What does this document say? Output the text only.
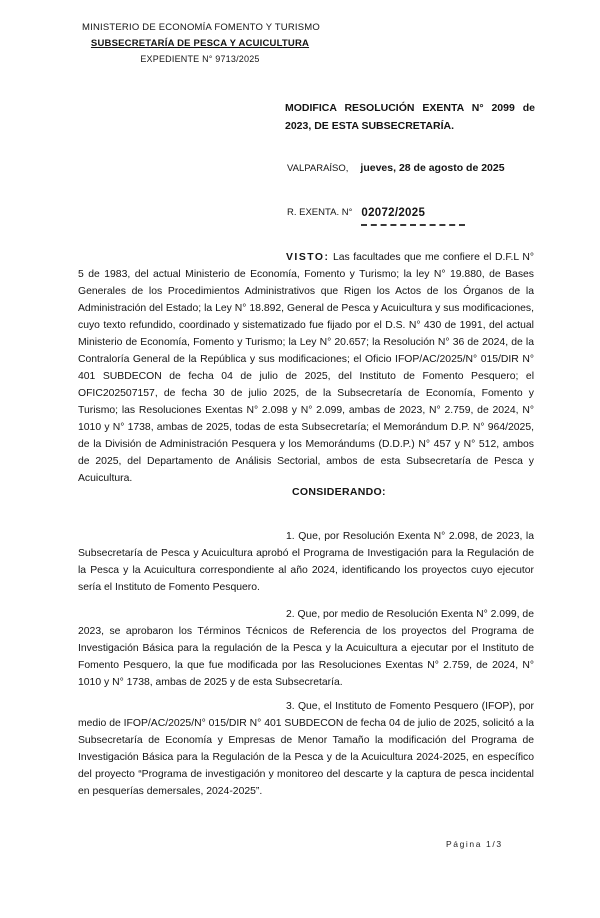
MINISTERIO DE ECONOMÍA FOMENTO Y TURISMO
SUBSECRETARÍA DE PESCA Y ACUICULTURA
EXPEDIENTE N° 9713/2025
MODIFICA RESOLUCIÓN EXENTA N° 2099 de 2023, DE ESTA SUBSECRETARÍA.
VALPARAÍSO, jueves, 28 de agosto de 2025
R. EXENTA. N° 02072/2025

VISTO: Las facultades que me confiere el D.F.L N° 5 de 1983, del actual Ministerio de Economía, Fomento y Turismo; la ley N° 19.880, de Bases Generales de los Procedimientos Administrativos que Rigen los Actos de los Órganos de la Administración del Estado; la Ley N° 18.892, General de Pesca y Acuicultura y sus modificaciones, cuyo texto refundido, coordinado y sistematizado fue fijado por el D.S. N° 430 de 1991, del actual Ministerio de Economía, Fomento y Turismo; la Ley N° 20.657; la Resolución N° 36 de 2024, de la Contraloría General de la República y sus modificaciones; el Oficio IFOP/AC/2025/N° 015/DIR N° 401 SUBDECON de fecha 04 de julio de 2025, del Instituto de Fomento Pesquero; el OFIC202507157, de fecha 30 de julio 2025, de la Subsecretaría de Economía, Fomento y Turismo; las Resoluciones Exentas N° 2.098 y N° 2.099, ambas de 2023, N° 2.759, de 2024, N° 1010 y N° 1738, ambas de 2025, todas de esta Subsecretaría; el Memorándum D.P. N° 964/2025, de la División de Administración Pesquera y los Memorándums (D.D.P.) N° 457 y N° 512, ambos de 2025, del Departamento de Análisis Sectorial, ambos de esta Subsecretaría de Pesca y Acuicultura.

CONSIDERANDO:

1. Que, por Resolución Exenta N° 2.098, de 2023, la Subsecretaría de Pesca y Acuicultura aprobó el Programa de Investigación para la Regulación de la Pesca y la Acuicultura correspondiente al año 2024, identificando los proyectos cuyo ejecutor sería el Instituto de Fomento Pesquero.

2. Que, por medio de Resolución Exenta N° 2.099, de 2023, se aprobaron los Términos Técnicos de Referencia de los proyectos del Programa de Investigación Básica para la regulación de la Pesca y la Acuicultura a ejecutar por el Instituto de Fomento Pesquero, la que fue modificada por las Resoluciones Exentas N° 2.759, de 2024, N° 1010 y N° 1738, ambas de 2025 y de esta Subsecretaría.

3. Que, el Instituto de Fomento Pesquero (IFOP), por medio de IFOP/AC/2025/N° 015/DIR N° 401 SUBDECON de fecha 04 de julio de 2025, solicitó a la Subsecretaría de Economía y Empresas de Menor Tamaño la modificación del Programa de Investigación Básica para la Regulación de la Pesca y de la Acuicultura 2024-2025, en específico del proyecto “Programa de investigación y monitoreo del descarte y la captura de pesca incidental en pesquerías demersales, 2024-2025”.

Página 1/3
